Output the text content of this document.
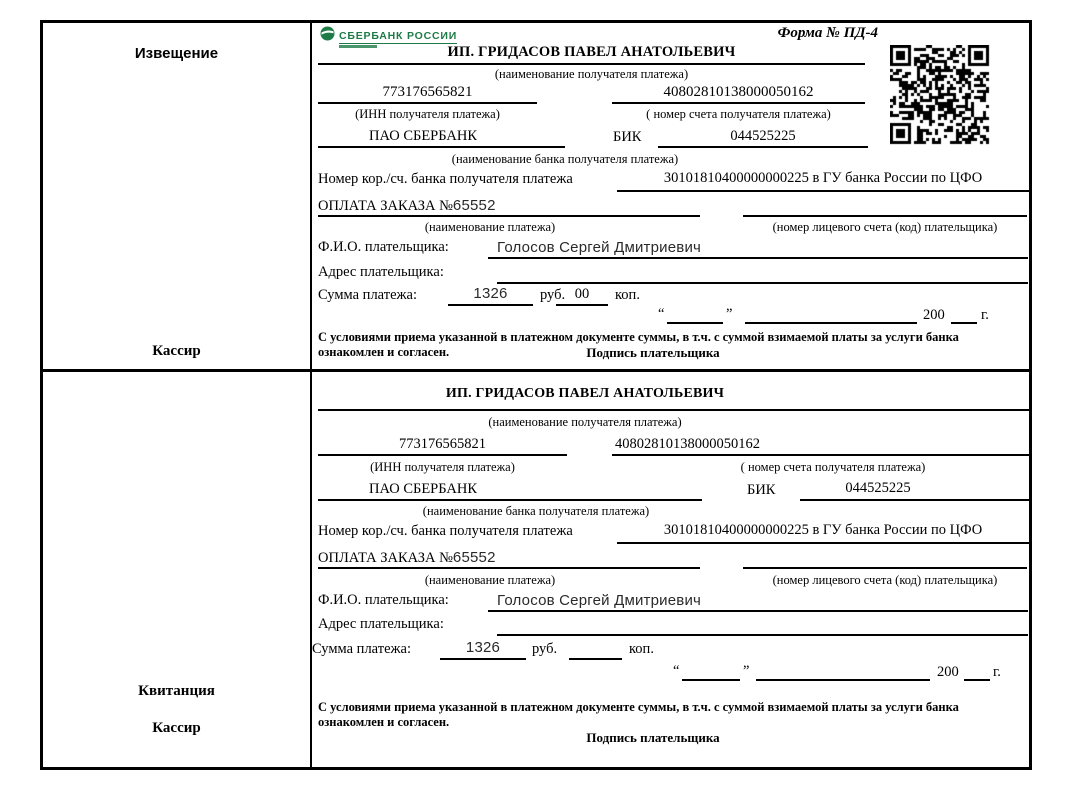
Извещение
Кассир
Квитанция
Кассир
СБЕРБАНК РОССИИ	Форма № ПД-4
ИП. ГРИДАСОВ ПАВЕЛ АНАТОЛЬЕВИЧ
(наименование получателя платежа)
773176565821	40802810138000050162
(ИНН получателя платежа)	( номер счета получателя платежа)
ПАО СБЕРБАНК	БИК	044525225
(наименование банка получателя платежа)
Номер кор./сч. банка получателя платежа	30101810400000000225 в ГУ банка России по ЦФО
ОПЛАТА ЗАКАЗА №65552
(наименование платежа)	(номер лицевого счета (код) плательщика)
Ф.И.О. плательщика:	Голосов Сергей Дмитриевич
Адрес плательщика:
Сумма платежа:	1326	руб. 00	коп.
“	”	200	г.
С условиями приема указанной в платежном документе суммы, в т.ч. с суммой взимаемой платы за услуги банка
ознакомлен и согласен.	Подпись плательщика
ИП. ГРИДАСОВ ПАВЕЛ АНАТОЛЬЕВИЧ
(наименование получателя платежа)
773176565821	40802810138000050162
(ИНН получателя платежа)	( номер счета получателя платежа)
ПАО СБЕРБАНК	БИК	044525225
(наименование банка получателя платежа)
Номер кор./сч. банка получателя платежа	30101810400000000225 в ГУ банка России по ЦФО
ОПЛАТА ЗАКАЗА №65552
(наименование платежа)	(номер лицевого счета (код) плательщика)
Ф.И.О. плательщика:	Голосов Сергей Дмитриевич
Адрес плательщика:
Сумма платежа:	1326	руб.	коп.
“	”	200 г.
С условиями приема указанной в платежном документе суммы, в т.ч. с суммой взимаемой платы за услуги банка
ознакомлен и согласен.
Подпись плательщика
